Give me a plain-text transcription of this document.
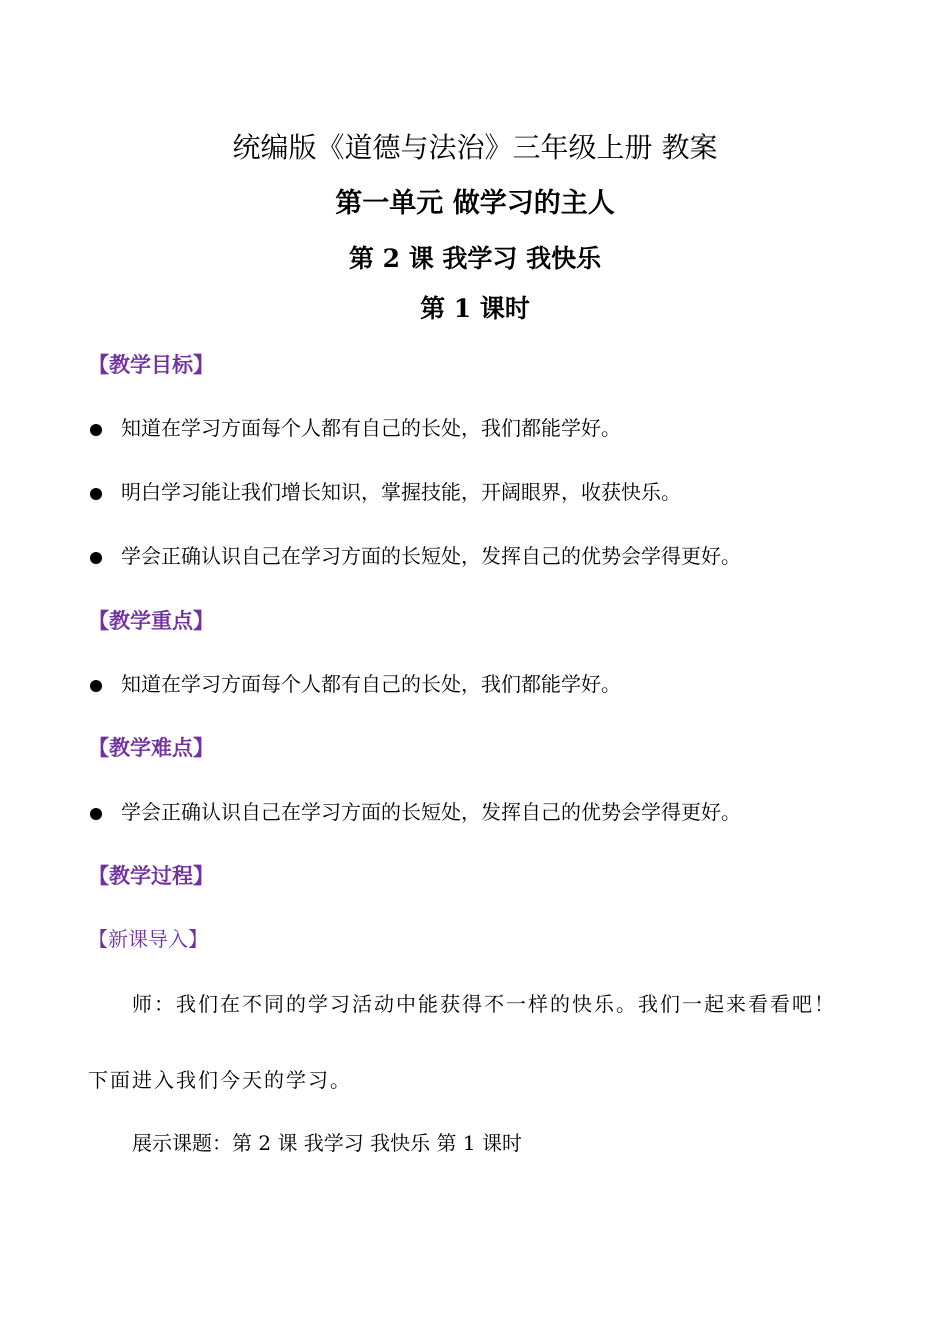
统编版《道德与法治》三年级上册 教案
第一单元 做学习的主人
第 2 课 我学习 我快乐
第 1 课时
【教学目标】
知道在学习方面每个人都有自己的长处，我们都能学好。
明白学习能让我们增长知识，掌握技能，开阔眼界，收获快乐。
学会正确认识自己在学习方面的长短处，发挥自己的优势会学得更好。
【教学重点】
知道在学习方面每个人都有自己的长处，我们都能学好。
【教学难点】
学会正确认识自己在学习方面的长短处，发挥自己的优势会学得更好。
【教学过程】
【新课导入】
师：我们在不同的学习活动中能获得不一样的快乐。我们一起来看看吧！
下面进入我们今天的学习。
展示课题：第 2 课 我学习 我快乐 第 1 课时
